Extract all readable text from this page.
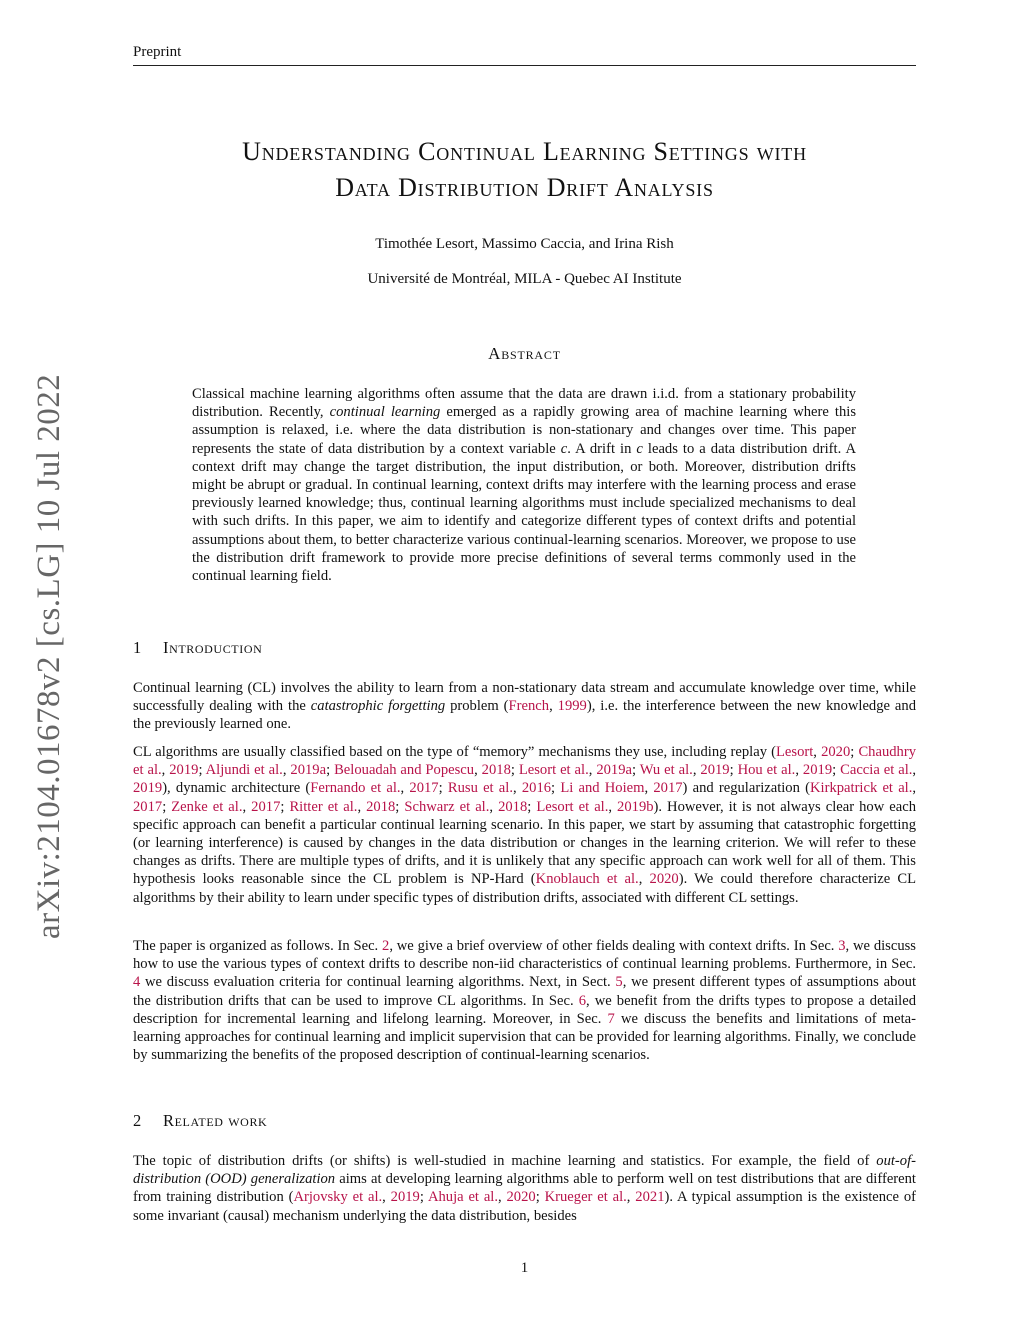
Preprint
arXiv:2104.01678v2 [cs.LG] 10 Jul 2022
Understanding Continual Learning Settings with
Data Distribution Drift Analysis
Timothée Lesort, Massimo Caccia, and Irina Rish
Université de Montréal, MILA - Quebec AI Institute
Abstract
Classical machine learning algorithms often assume that the data are drawn i.i.d. from a stationary probability distribution. Recently, continual learning emerged as a rapidly growing area of machine learning where this assumption is relaxed, i.e. where the data distribution is non-stationary and changes over time. This paper represents the state of data distribution by a context variable c. A drift in c leads to a data distribution drift. A context drift may change the target distribution, the input distribution, or both. Moreover, distribution drifts might be abrupt or gradual. In continual learning, context drifts may interfere with the learning process and erase previously learned knowledge; thus, continual learning algorithms must include specialized mechanisms to deal with such drifts. In this paper, we aim to identify and categorize different types of context drifts and potential assumptions about them, to better characterize various continual-learning scenarios. Moreover, we propose to use the distribution drift framework to provide more precise definitions of several terms commonly used in the continual learning field.
1 Introduction
Continual learning (CL) involves the ability to learn from a non-stationary data stream and accumulate knowledge over time, while successfully dealing with the catastrophic forgetting problem (French, 1999), i.e. the interference between the new knowledge and the previously learned one.
CL algorithms are usually classified based on the type of “memory” mechanisms they use, including replay (Lesort, 2020; Chaudhry et al., 2019; Aljundi et al., 2019a; Belouadah and Popescu, 2018; Lesort et al., 2019a; Wu et al., 2019; Hou et al., 2019; Caccia et al., 2019), dynamic architecture (Fernando et al., 2017; Rusu et al., 2016; Li and Hoiem, 2017) and regularization (Kirkpatrick et al., 2017; Zenke et al., 2017; Ritter et al., 2018; Schwarz et al., 2018; Lesort et al., 2019b). However, it is not always clear how each specific approach can benefit a particular continual learning scenario. In this paper, we start by assuming that catastrophic forgetting (or learning interference) is caused by changes in the data distribution or changes in the learning criterion. We will refer to these changes as drifts. There are multiple types of drifts, and it is unlikely that any specific approach can work well for all of them. This hypothesis looks reasonable since the CL problem is NP-Hard (Knoblauch et al., 2020). We could therefore characterize CL algorithms by their ability to learn under specific types of distribution drifts, associated with different CL settings.
The paper is organized as follows. In Sec. 2, we give a brief overview of other fields dealing with context drifts. In Sec. 3, we discuss how to use the various types of context drifts to describe non-iid characteristics of continual learning problems. Furthermore, in Sec. 4 we discuss evaluation criteria for continual learning algorithms. Next, in Sect. 5, we present different types of assumptions about the distribution drifts that can be used to improve CL algorithms. In Sec. 6, we benefit from the drifts types to propose a detailed description for incremental learning and lifelong learning. Moreover, in Sec. 7 we discuss the benefits and limitations of meta-learning approaches for continual learning and implicit supervision that can be provided for learning algorithms. Finally, we conclude by summarizing the benefits of the proposed description of continual-learning scenarios.
2 Related work
The topic of distribution drifts (or shifts) is well-studied in machine learning and statistics. For example, the field of out-of-distribution (OOD) generalization aims at developing learning algorithms able to perform well on test distributions that are different from training distribution (Arjovsky et al., 2019; Ahuja et al., 2020; Krueger et al., 2021). A typical assumption is the existence of some invariant (causal) mechanism underlying the data distribution, besides
1
